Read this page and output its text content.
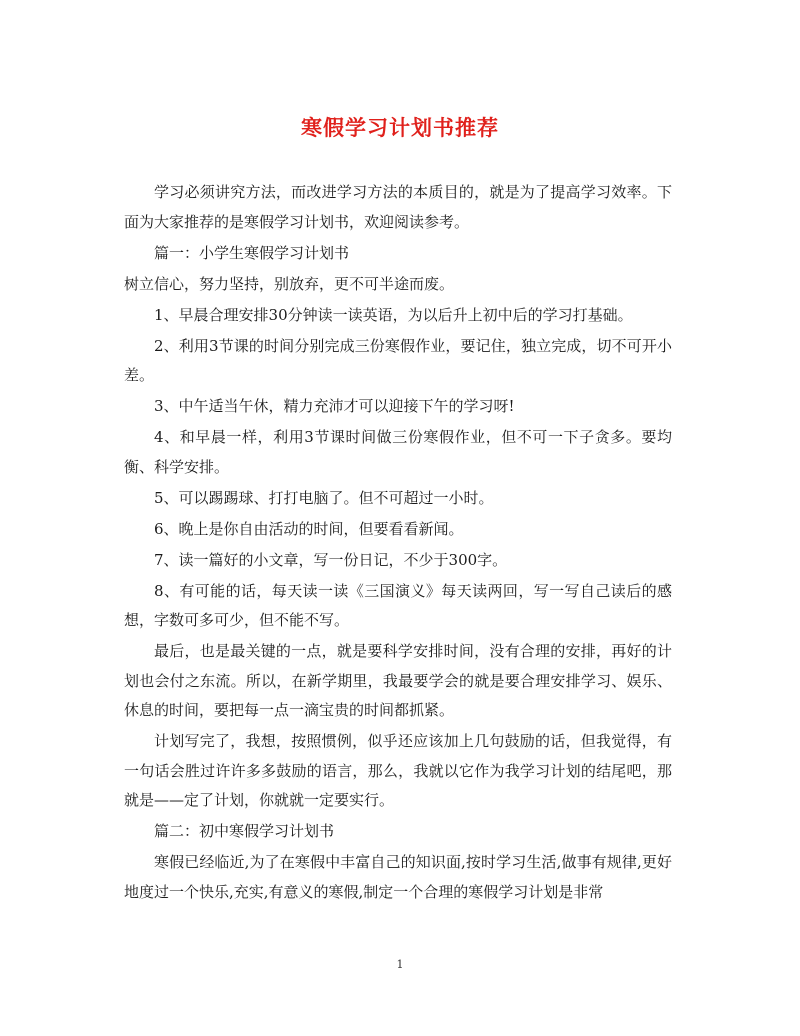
寒假学习计划书推荐

学习必须讲究方法，而改进学习方法的本质目的，就是为了提高学习效率。下面为大家推荐的是寒假学习计划书，欢迎阅读参考。

篇一：小学生寒假学习计划书

树立信心，努力坚持，别放弃，更不可半途而废。

1、早晨合理安排30分钟读一读英语，为以后升上初中后的学习打基础。

2、利用3节课的时间分别完成三份寒假作业，要记住，独立完成，切不可开小差。

3、中午适当午休，精力充沛才可以迎接下午的学习呀!

4、和早晨一样，利用3节课时间做三份寒假作业，但不可一下子贪多。要均衡、科学安排。

5、可以踢踢球、打打电脑了。但不可超过一小时。

6、晚上是你自由活动的时间，但要看看新闻。

7、读一篇好的小文章，写一份日记，不少于300字。

8、有可能的话，每天读一读《三国演义》每天读两回，写一写自己读后的感想，字数可多可少，但不能不写。

最后，也是最关键的一点，就是要科学安排时间，没有合理的安排，再好的计划也会付之东流。所以，在新学期里，我最要学会的就是要合理安排学习、娱乐、休息的时间，要把每一点一滴宝贵的时间都抓紧。

计划写完了，我想，按照惯例，似乎还应该加上几句鼓励的话，但我觉得，有一句话会胜过许许多多鼓励的语言，那么，我就以它作为我学习计划的结尾吧，那就是——定了计划，你就就一定要实行。

篇二：初中寒假学习计划书

寒假已经临近,为了在寒假中丰富自己的知识面,按时学习生活,做事有规律,更好地度过一个快乐,充实,有意义的寒假,制定一个合理的寒假学习计划是非常

1
